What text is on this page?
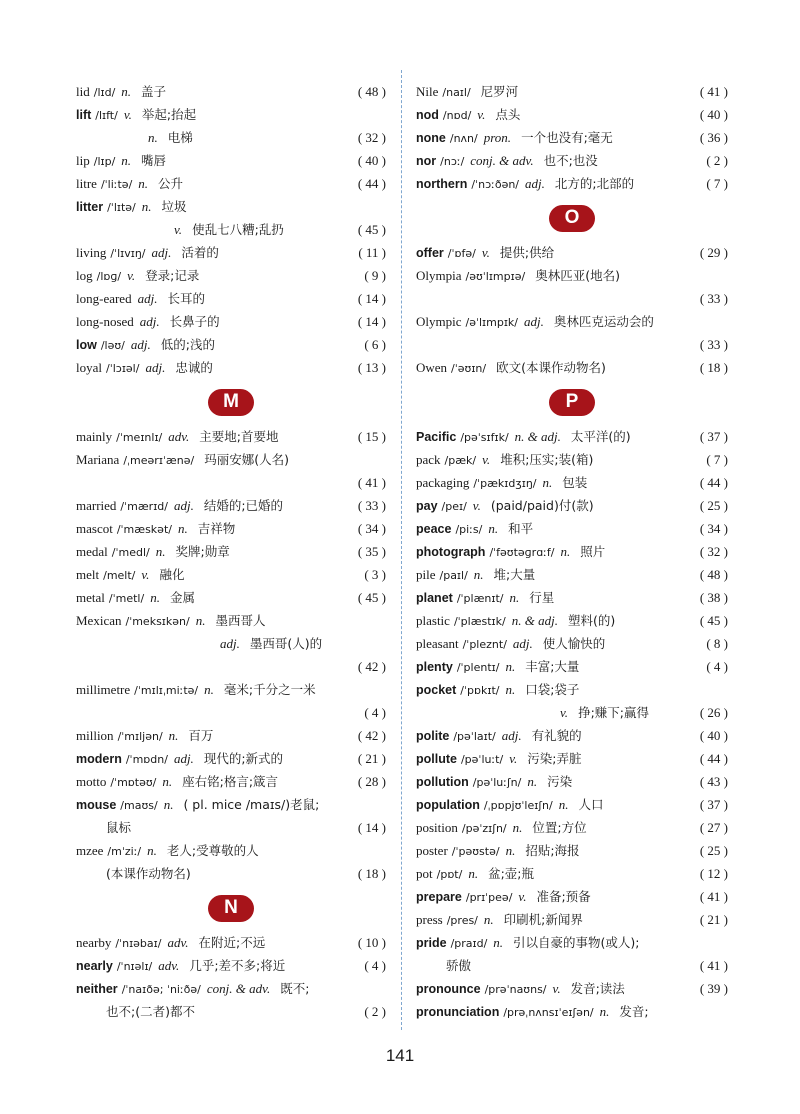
lid /lɪd/ n. 盖子	( 48 )
lift /lɪft/ v. 举起;抬起
n. 电梯	( 32 )
lip /lɪp/ n. 嘴唇	( 40 )
litre /ˈliːtə/ n. 公升	( 44 )
litter /ˈlɪtə/ n. 垃圾
v. 使乱七八糟;乱扔	( 45 )
living /ˈlɪvɪŋ/ adj. 活着的	( 11 )
log /lɒɡ/ v. 登录;记录	( 9 )
long-eared adj. 长耳的	( 14 )
long-nosed adj. 长鼻子的	( 14 )
low /ləʊ/ adj. 低的;浅的	( 6 )
loyal /ˈlɔɪəl/ adj. 忠诚的	( 13 )
M
mainly /ˈmeɪnlɪ/ adv. 主要地;首要地	( 15 )
Mariana /ˌmeərɪˈænə/ 玛丽安娜(人名)
( 41 )
married /ˈmærɪd/ adj. 结婚的;已婚的	( 33 )
mascot /ˈmæskət/ n. 吉祥物	( 34 )
medal /ˈmedl/ n. 奖牌;勋章	( 35 )
melt /melt/ v. 融化	( 3 )
metal /ˈmetl/ n. 金属	( 45 )
Mexican /ˈmeksɪkən/ n. 墨西哥人
adj. 墨西哥(人)的
( 42 )
millimetre /ˈmɪlɪˌmiːtə/ n. 毫米;千分之一米
( 4 )
million /ˈmɪljən/ n. 百万	( 42 )
modern /ˈmɒdn/ adj. 现代的;新式的	( 21 )
motto /ˈmɒtəʊ/ n. 座右铭;格言;箴言	( 28 )
mouse /maʊs/ n. ( pl. mice /maɪs/)老鼠;
鼠标	( 14 )
mzee /mˈziː/ n. 老人;受尊敬的人
(本课作动物名)	( 18 )
N
nearby /ˈnɪəbaɪ/ adv. 在附近;不远	( 10 )
nearly /ˈnɪəlɪ/ adv. 几乎;差不多;将近	( 4 )
neither /ˈnaɪðə; ˈniːðə/ conj. & adv. 既不;
也不;(二者)都不	( 2 )
Nile /naɪl/ 尼罗河	( 41 )
nod /nɒd/ v. 点头	( 40 )
none /nʌn/ pron. 一个也没有;毫无	( 36 )
nor /nɔː/ conj. & adv. 也不;也没	( 2 )
northern /ˈnɔːðən/ adj. 北方的;北部的	( 7 )
O
offer /ˈɒfə/ v. 提供;供给	( 29 )
Olympia /əʊˈlɪmpɪə/ 奥林匹亚(地名)
( 33 )
Olympic /əˈlɪmpɪk/ adj. 奥林匹克运动会的
( 33 )
Owen /ˈəʊɪn/ 欧文(本课作动物名)	( 18 )
P
Pacific /pəˈsɪfɪk/ n. & adj. 太平洋(的)	( 37 )
pack /pæk/ v. 堆积;压实;装(箱)	( 7 )
packaging /ˈpækɪdʒɪŋ/ n. 包装	( 44 )
pay /peɪ/ v. (paid/paid)付(款)	( 25 )
peace /piːs/ n. 和平	( 34 )
photograph /ˈfəʊtəɡrɑːf/ n. 照片	( 32 )
pile /paɪl/ n. 堆;大量	( 48 )
planet /ˈplænɪt/ n. 行星	( 38 )
plastic /ˈplæstɪk/ n. & adj. 塑料(的)	( 45 )
pleasant /ˈpleznt/ adj. 使人愉快的	( 8 )
plenty /ˈplentɪ/ n. 丰富;大量	( 4 )
pocket /ˈpɒkɪt/ n. 口袋;袋子
v. 挣;赚下;赢得	( 26 )
polite /pəˈlaɪt/ adj. 有礼貌的	( 40 )
pollute /pəˈluːt/ v. 污染;弄脏	( 44 )
pollution /pəˈluːʃn/ n. 污染	( 43 )
population /ˌpɒpjʊˈleɪʃn/ n. 人口	( 37 )
position /pəˈzɪʃn/ n. 位置;方位	( 27 )
poster /ˈpəʊstə/ n. 招贴;海报	( 25 )
pot /pɒt/ n. 盆;壶;瓶	( 12 )
prepare /prɪˈpeə/ v. 准备;预备	( 41 )
press /pres/ n. 印刷机;新闻界	( 21 )
pride /praɪd/ n. 引以自豪的事物(或人);
骄傲	( 41 )
pronounce /prəˈnaʊns/ v. 发音;读法	( 39 )
pronunciation /prəˌnʌnsɪˈeɪʃən/ n. 发音;
141
